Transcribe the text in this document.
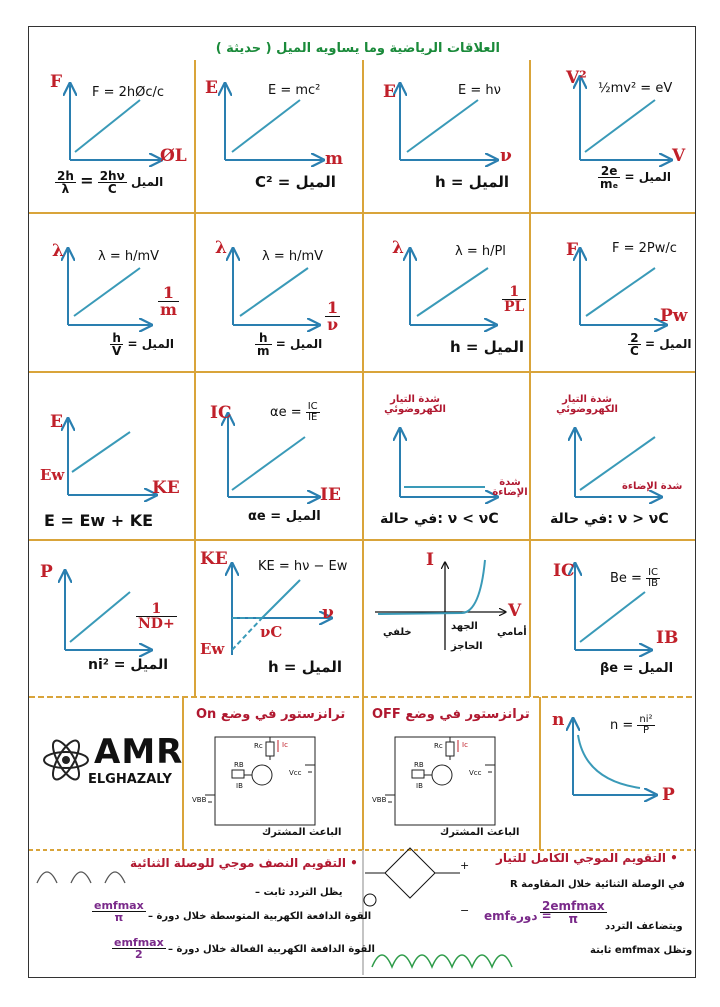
العلاقات الرياضية وما يساويه الميل ( حديثة )
F
F = 2hØc/c
ØL
$\frac{2h}{\lambda} = \frac{2h\nu}{C}$ الميل
E	E = mc²
m
C² = الميل
E	E = hν
ν
h = الميل
V²
½mv² = eV
V
$\frac{2e}{\text{mₑ}}$ = الميل
λ	λ = h/mV
$\frac{1}{m}$
$\frac{h}{V}$ = الميل
λ	λ = h/mV
$\frac{1}{\nu}$
$\frac{h}{m}$ = الميل
λ	λ = h/Pl
$\frac{1}{PL}$
h = الميل
F	F = 2Pw/c
Pw
$\frac{2}{C}$ = الميل
E
Ew
KE
E = Ew + KE
IC	$\alpha e = \frac{IC}{IE}$
IE
αe = الميل
شدة التيار الكهروضوئي
شدة الإضاءة
في حالة: ν < νC
شدة التيار الكهروضوئي
شدة الإضاءة
في حالة: ν > νC
P
$\frac{1}{ND+}$
ni² = الميل
KE KE = hν − Ew
ν
Ew
νC
h = الميل
I
V
خلفي	أمامي
الجهد
الحاجز
IC	$Be = \frac{IC}{IB}$
IB
βe = الميل
AMR
ELGHAZALY
ترانزستور في وضع On ترانزستور في وضع OFF
الباعث المشترك	الباعث المشترك
Rc
RB
Vcc
VBB
Rc
RB
Vcc
VBB
Ic	Ic
IB	IB
n
P
$n = \frac{\text{ni²}}{P}$
• التقويم النصف موجي للوصلة الثنائية
يظل التردد ثابت –
القوة الدافعة الكهربية المتوسطة خلال دورة –
$\frac{\text{emfmax}}{\pi}$
القوة الدافعة الكهربية الفعالة خلال دورة –
$\frac{\text{emfmax}}{2}$
• التقويم الموجي الكامل للتيار
في الوصلة الثنائية خلال المقاومة R
emfدورة =
$\frac{\text{2emfmax}}{\pi}$
ويتضاعف التردد
وتظل emfmax ثابتة
+
−
